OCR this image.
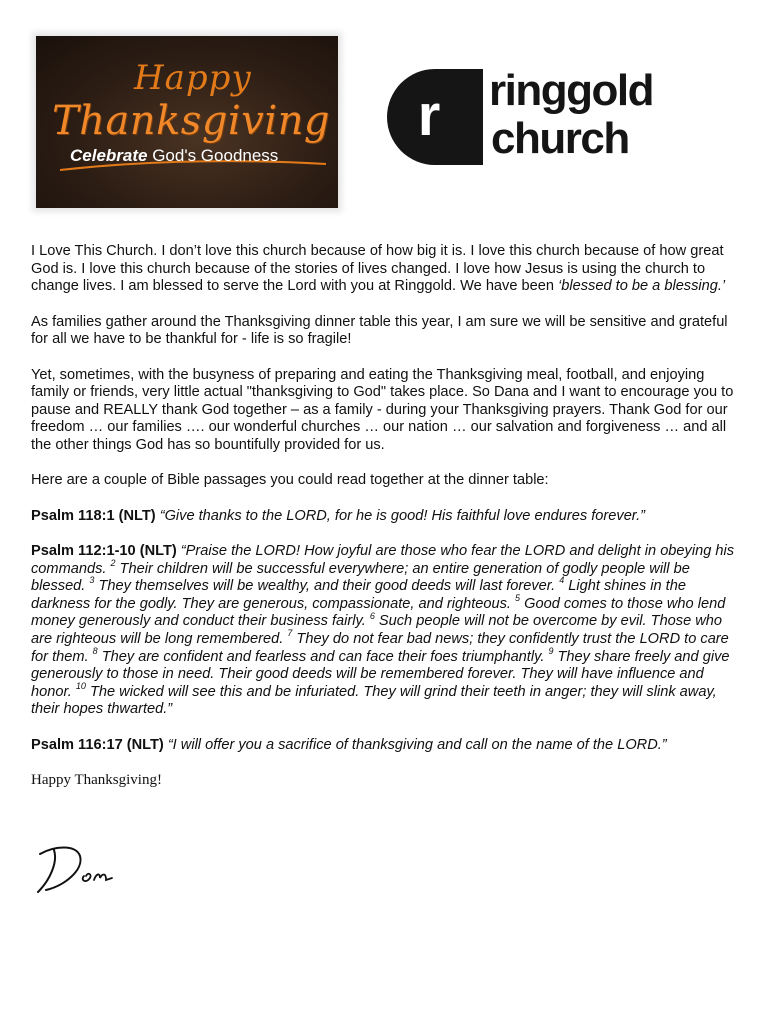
Happy
Thanksgiving
Celebrate God's Goodness
r ringgold
church

I Love This Church. I don’t love this church because of how big it is. I love this church because of how great God is. I love this church because of the stories of lives changed. I love how Jesus is using the church to change lives. I am blessed to serve the Lord with you at Ringgold. We have been ‘blessed to be a blessing.’

As families gather around the Thanksgiving dinner table this year, I am sure we will be sensitive and grateful for all we have to be thankful for - life is so fragile!

Yet, sometimes, with the busyness of preparing and eating the Thanksgiving meal, football, and enjoying family or friends, very little actual "thanksgiving to God" takes place. So Dana and I want to encourage you to pause and REALLY thank God together – as a family - during your Thanksgiving prayers. Thank God for our freedom … our families …. our wonderful churches … our nation … our salvation and forgiveness … and all the other things God has so bountifully provided for us.

Here are a couple of Bible passages you could read together at the dinner table:

Psalm 118:1 (NLT) “Give thanks to the LORD, for he is good! His faithful love endures forever.”

Psalm 112:1-10 (NLT) “Praise the LORD! How joyful are those who fear the LORD and delight in obeying his commands. $^2$ Their children will be successful everywhere; an entire generation of godly people will be blessed. $^3$ They themselves will be wealthy, and their good deeds will last forever. $^4$ Light shines in the darkness for the godly. They are generous, compassionate, and righteous. $^5$ Good comes to those who lend money generously and conduct their business fairly. $^6$ Such people will not be overcome by evil. Those who are righteous will be long remembered. $^7$ They do not fear bad news; they confidently trust the LORD to care for them. $^8$ They are confident and fearless and can face their foes triumphantly. $^9$ They share freely and give generously to those in need. Their good deeds will be remembered forever. They will have influence and honor. $^{10}$ The wicked will see this and be infuriated. They will grind their teeth in anger; they will slink away, their hopes thwarted.”

Psalm 116:17 (NLT) “I will offer you a sacrifice of thanksgiving and call on the name of the LORD.”

Happy Thanksgiving!
